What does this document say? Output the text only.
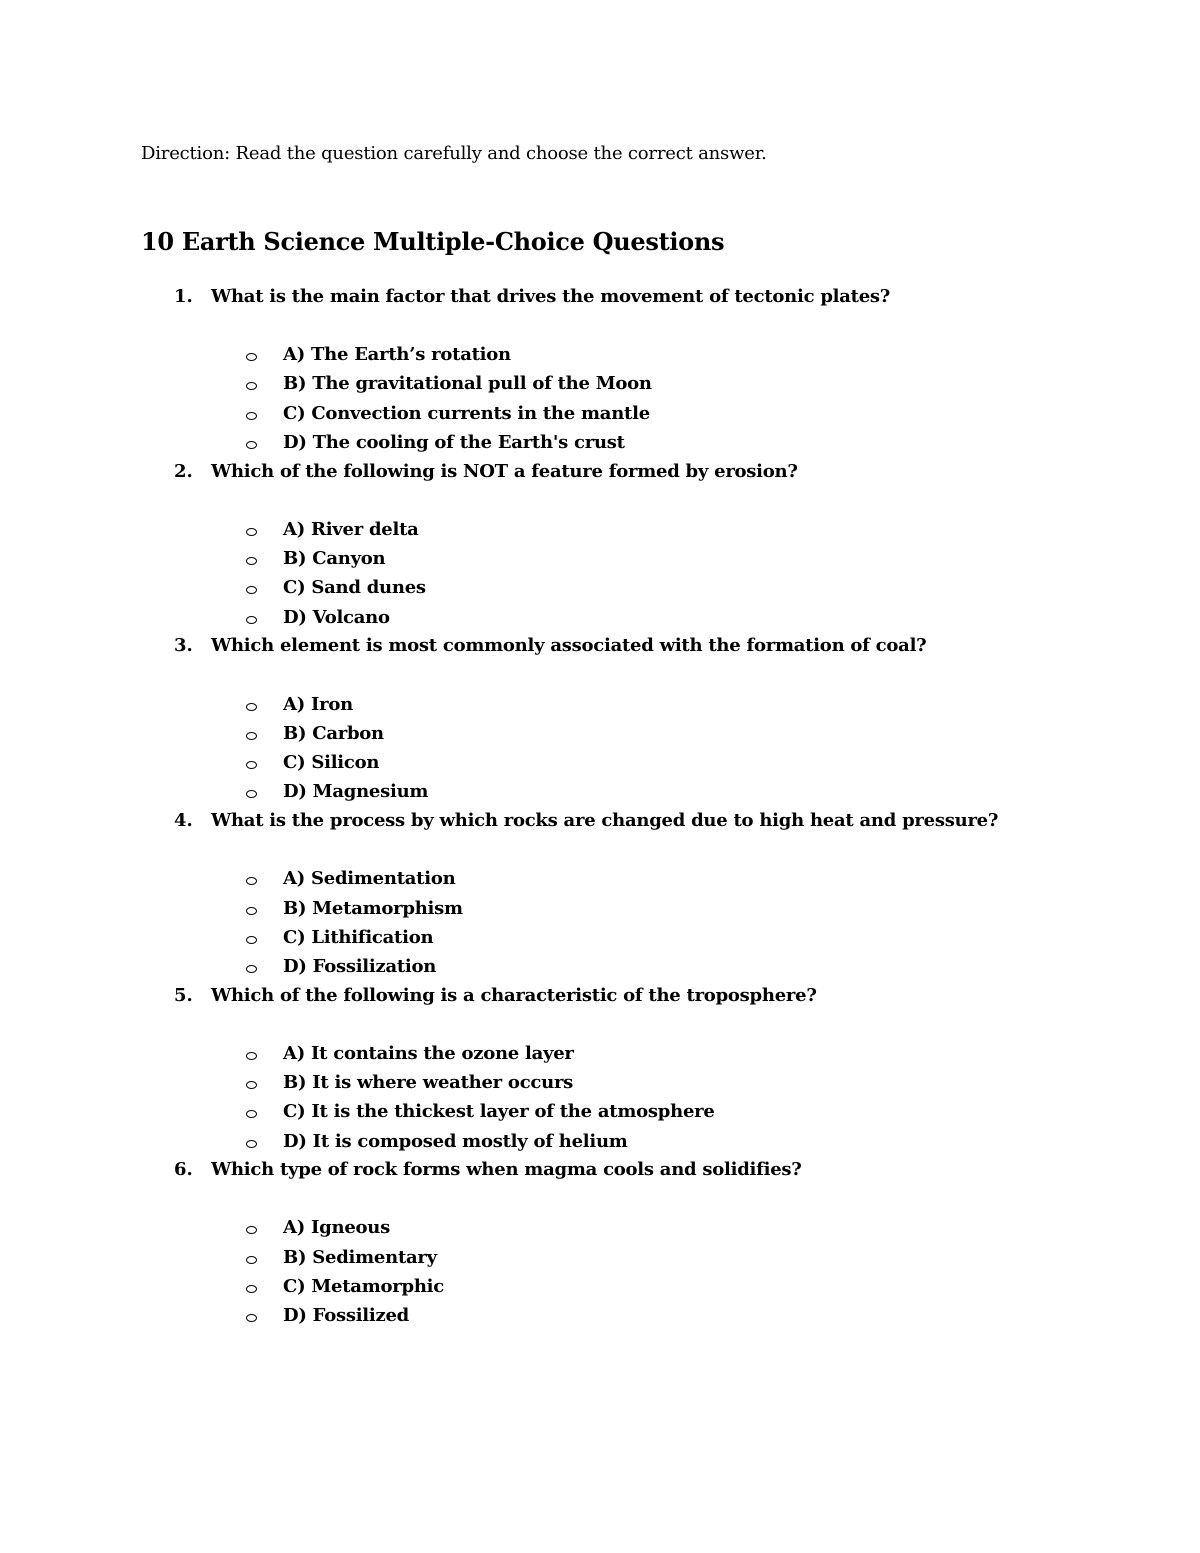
Direction: Read the question carefully and choose the correct answer.
10 Earth Science Multiple-Choice Questions
1. What is the main factor that drives the movement of tectonic plates?
A) The Earth’s rotation
B) The gravitational pull of the Moon
C) Convection currents in the mantle
D) The cooling of the Earth's crust
2. Which of the following is NOT a feature formed by erosion?
A) River delta
B) Canyon
C) Sand dunes
D) Volcano
3. Which element is most commonly associated with the formation of coal?
A) Iron
B) Carbon
C) Silicon
D) Magnesium
4. What is the process by which rocks are changed due to high heat and pressure?
A) Sedimentation
B) Metamorphism
C) Lithification
D) Fossilization
5. Which of the following is a characteristic of the troposphere?
A) It contains the ozone layer
B) It is where weather occurs
C) It is the thickest layer of the atmosphere
D) It is composed mostly of helium
6. Which type of rock forms when magma cools and solidifies?
A) Igneous
B) Sedimentary
C) Metamorphic
D) Fossilized
